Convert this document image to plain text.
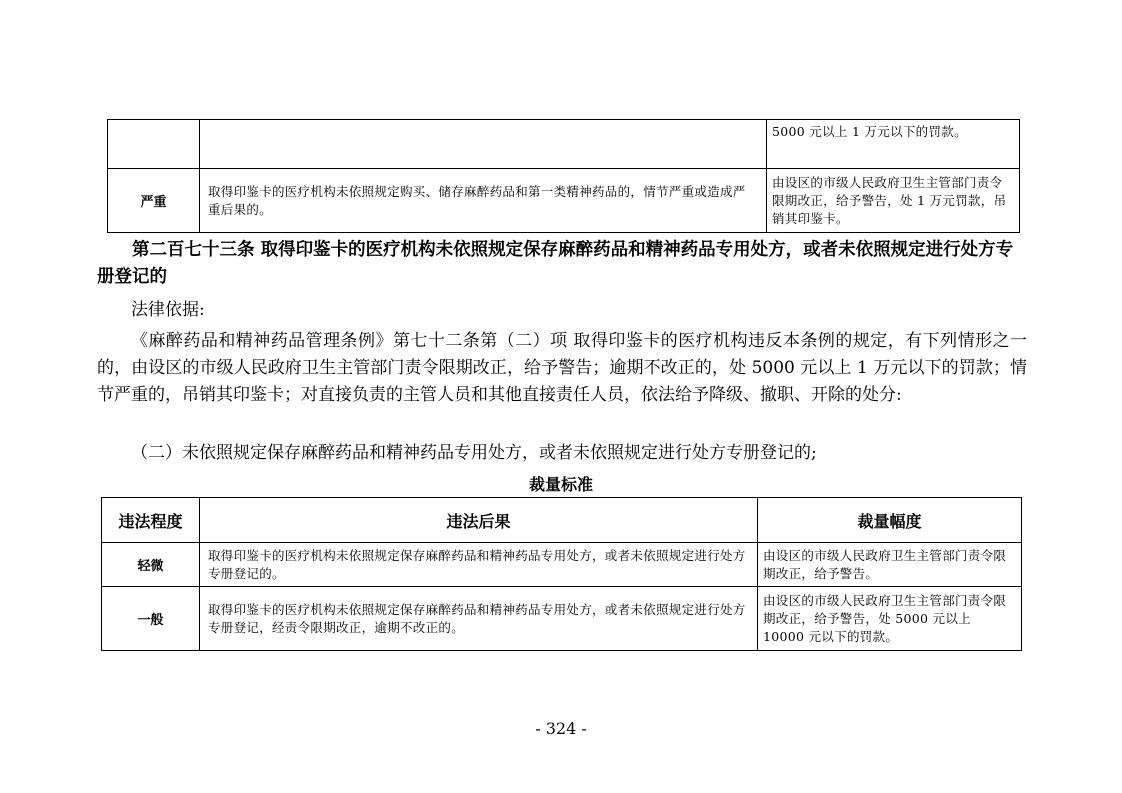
		5000 元以上 1 万元以下的罚款。
严重	取得印鉴卡的医疗机构未依照规定购买、储存麻醉药品和第一类精神药品的，情节严重或造成严重后果的。	由设区的市级人民政府卫生主管部门责令限期改正，给予警告，处 1 万元罚款，吊销其印鉴卡。
第二百七十三条 取得印鉴卡的医疗机构未依照规定保存麻醉药品和精神药品专用处方，或者未依照规定进行处方专册登记的
法律依据:
《麻醉药品和精神药品管理条例》第七十二条第（二）项 取得印鉴卡的医疗机构违反本条例的规定，有下列情形之一的，由设区的市级人民政府卫生主管部门责令限期改正，给予警告；逾期不改正的，处 5000 元以上 1 万元以下的罚款；情节严重的，吊销其印鉴卡；对直接负责的主管人员和其他直接责任人员，依法给予降级、撤职、开除的处分:
（二）未依照规定保存麻醉药品和精神药品专用处方，或者未依照规定进行处方专册登记的;
裁量标准
违法程度	违法后果	裁量幅度
轻微	取得印鉴卡的医疗机构未依照规定保存麻醉药品和精神药品专用处方，或者未依照规定进行处方专册登记的。	由设区的市级人民政府卫生主管部门责令限期改正，给予警告。
一般	取得印鉴卡的医疗机构未依照规定保存麻醉药品和精神药品专用处方，或者未依照规定进行处方专册登记，经责令限期改正，逾期不改正的。	由设区的市级人民政府卫生主管部门责令限期改正，给予警告，处 5000 元以上 10000 元以下的罚款。
- 324 -
